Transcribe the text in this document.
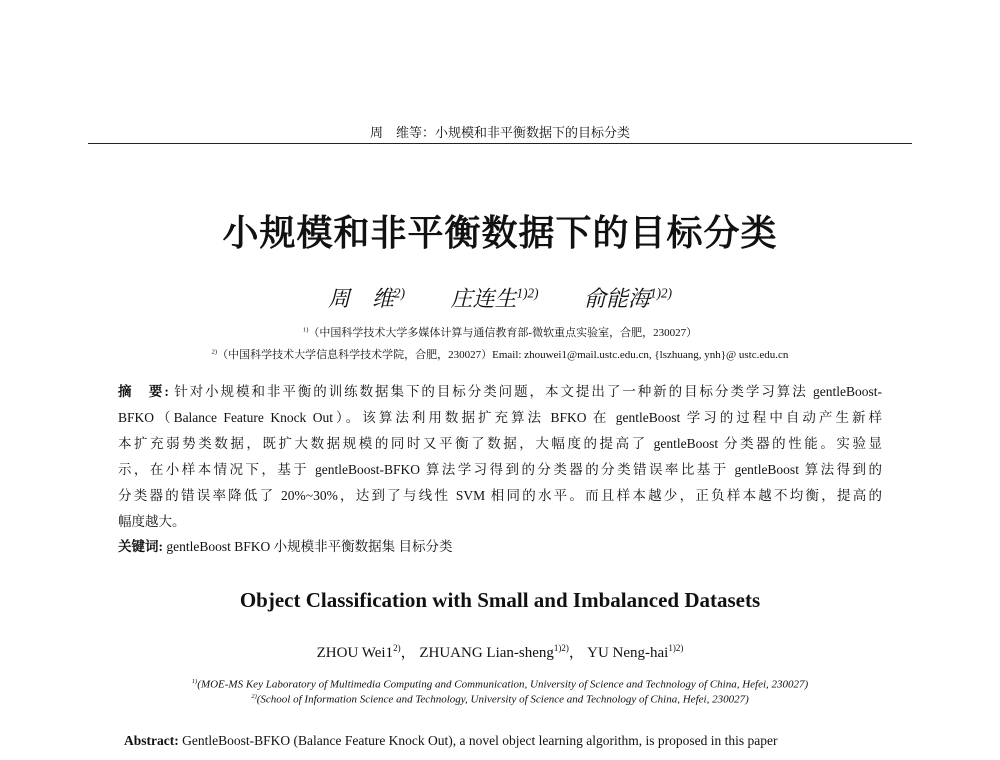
周　维等：小规模和非平衡数据下的目标分类
小规模和非平衡数据下的目标分类
周　维$^{2)}$ 庄连生$^{1)2)}$ 俞能海$^{1)2)}$
$^{1)}$（中国科学技术大学多媒体计算与通信教育部-微软重点实验室，合肥，230027）
$^{2)}$（中国科学技术大学信息科学技术学院，合肥，230027）Email: zhouwei1@mail.ustc.edu.cn, {lszhuang, ynh}@ ustc.edu.cn
摘　要: 针对小规模和非平衡的训练数据集下的目标分类问题，本文提出了一种新的目标分类学习算法 gentleBoost-
BFKO（Balance Feature Knock Out）。该算法利用数据扩充算法 BFKO 在 gentleBoost 学习的过程中自动产生新样
本扩充弱势类数据，既扩大数据规模的同时又平衡了数据，大幅度的提高了 gentleBoost 分类器的性能。实验显
示，在小样本情况下，基于 gentleBoost-BFKO 算法学习得到的分类器的分类错误率比基于 gentleBoost 算法得到的
分类器的错误率降低了 20%~30%，达到了与线性 SVM 相同的水平。而且样本越少，正负样本越不均衡，提高的
幅度越大。
关键词: gentleBoost BFKO 小规模非平衡数据集 目标分类
Object Classification with Small and Imbalanced Datasets
ZHOU Wei1$^{2)}$， ZHUANG Lian-sheng$^{1)2)}$， YU Neng-hai$^{1)2)}$
$^{1)}$(MOE-MS Key Laboratory of Multimedia Computing and Communication, University of Science and Technology of China, Hefei, 230027)
$^{2)}$(School of Information Science and Technology, University of Science and Technology of China, Hefei, 230027)
Abstract: GentleBoost-BFKO (Balance Feature Knock Out), a novel object learning algorithm, is proposed in this paper
